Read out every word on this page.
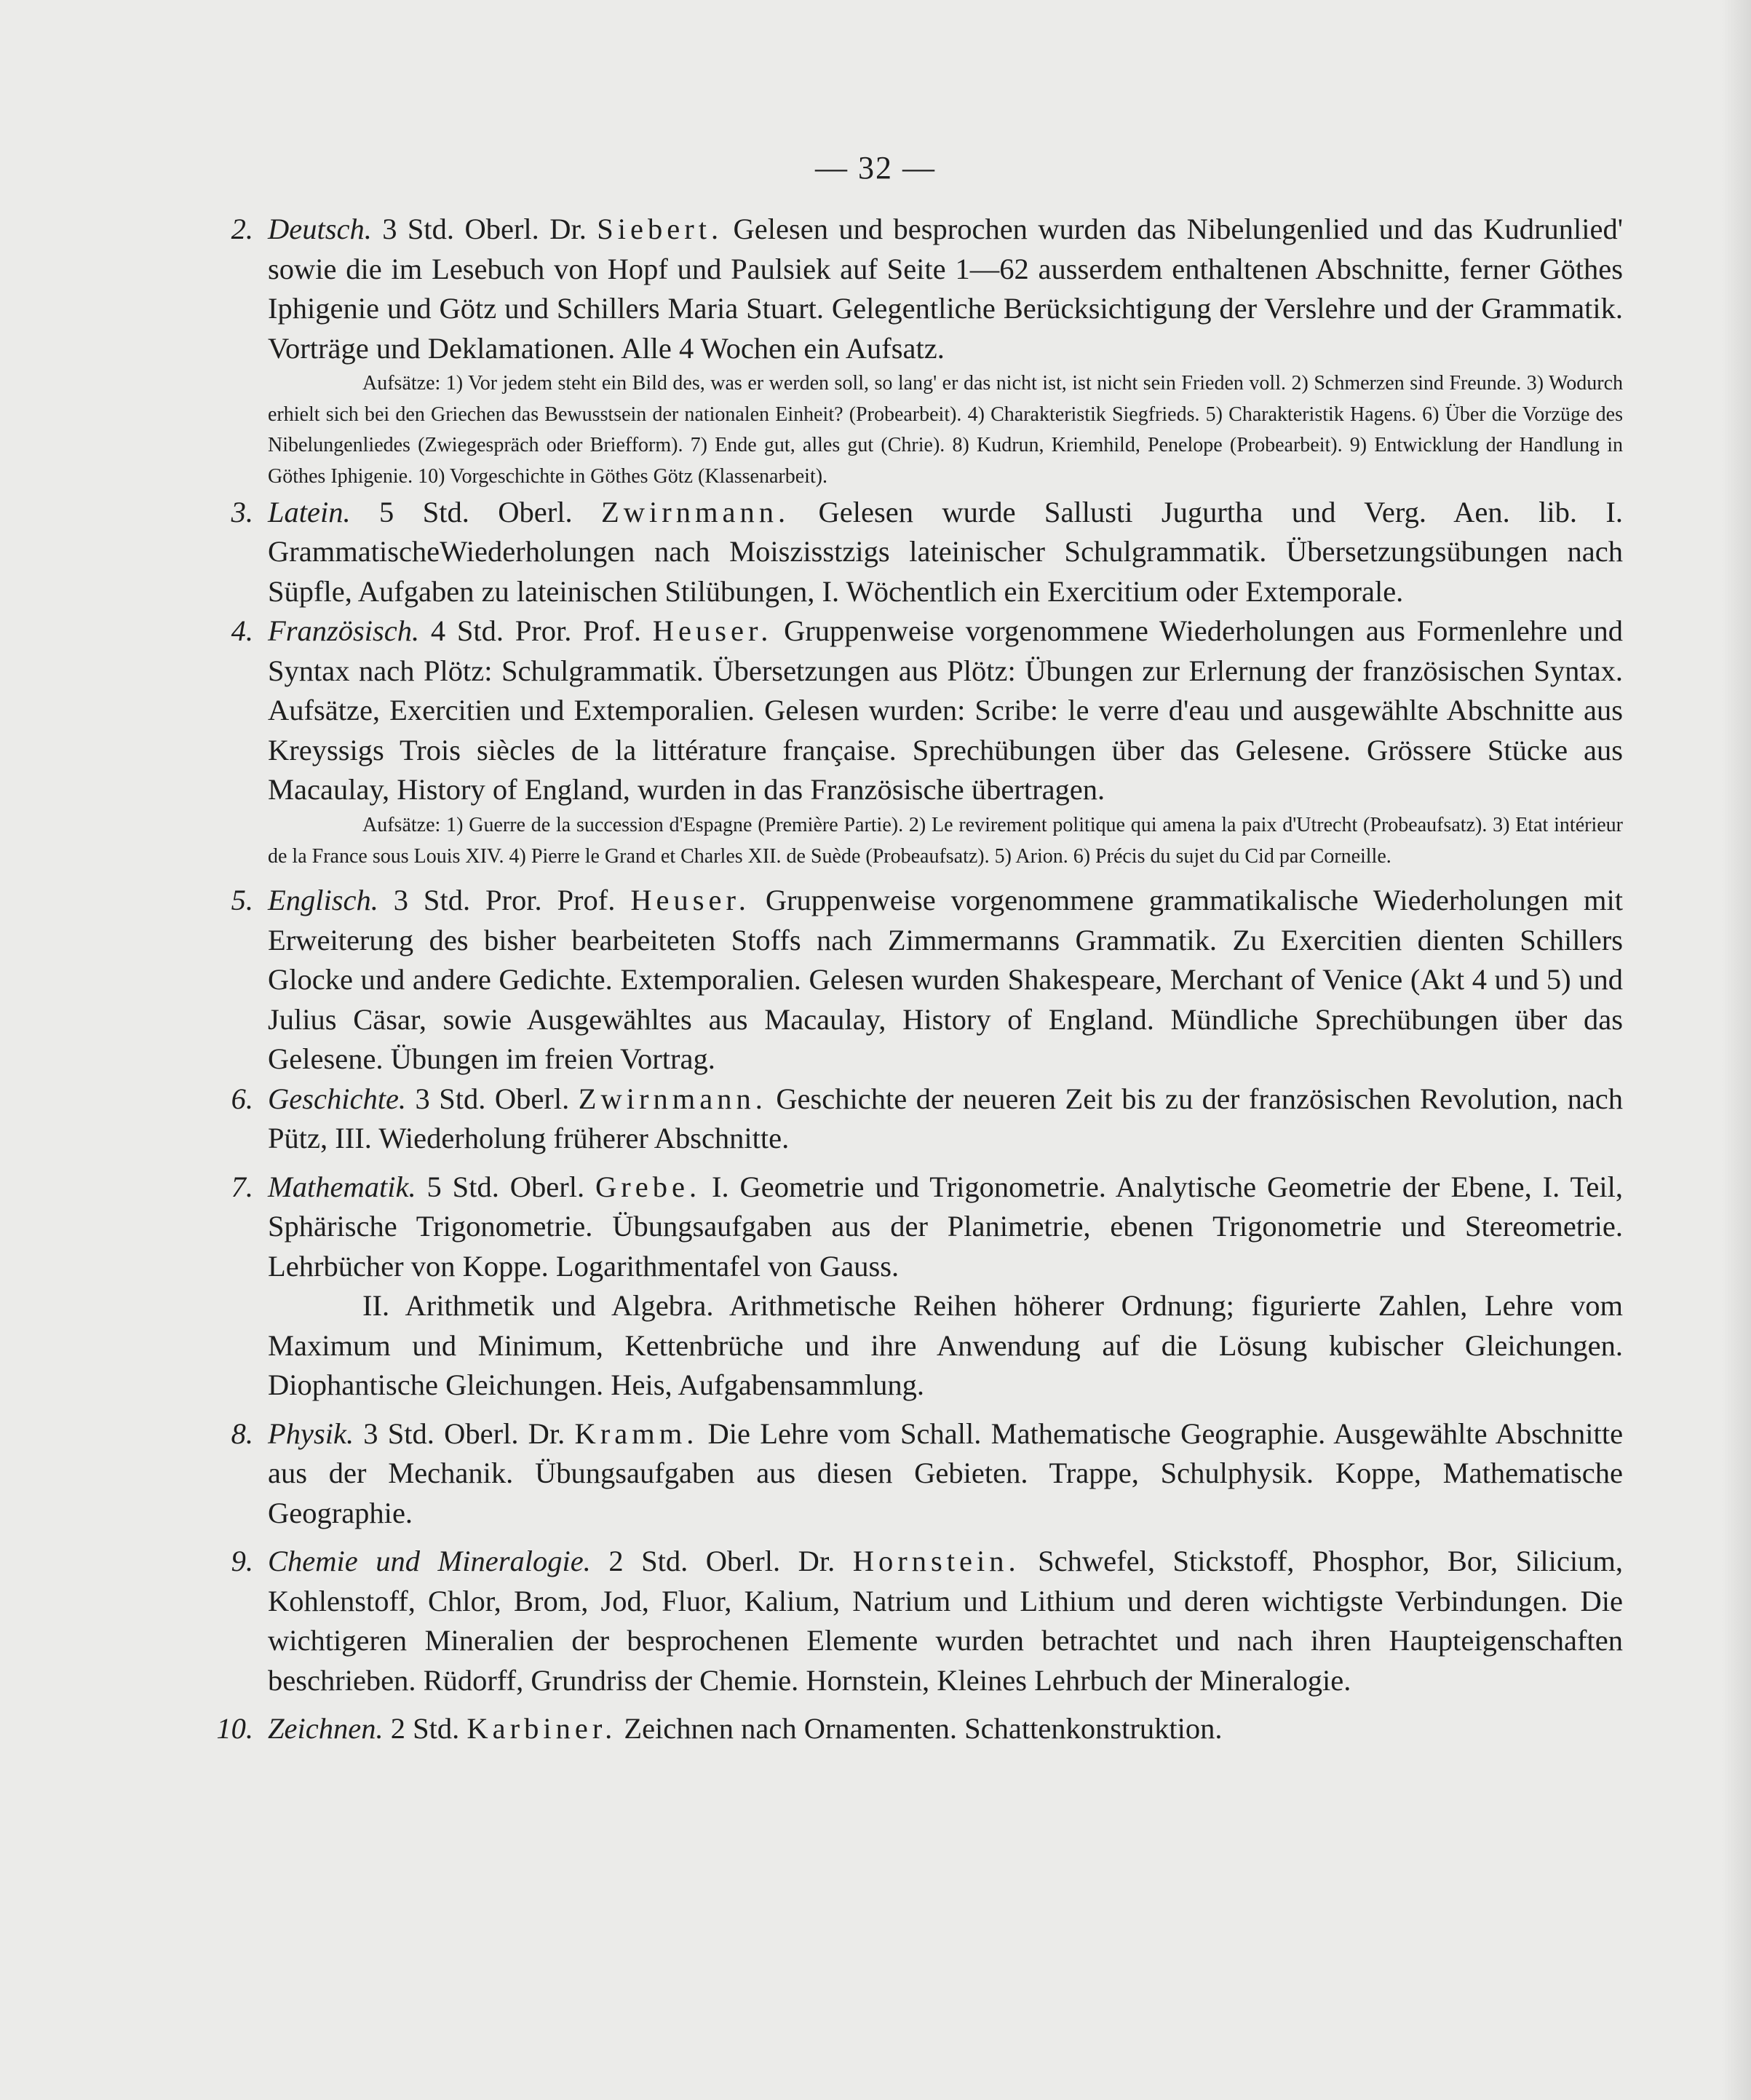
— 32 —

2. Deutsch. 3 Std. Oberl. Dr. Siebert. Gelesen und besprochen wurden das Nibelungenlied und das Kudrunlied' sowie die im Lesebuch von Hopf und Paulsiek auf Seite 1—62 ausserdem enthaltenen Abschnitte, ferner Göthes Iphigenie und Götz und Schillers Maria Stuart. Gelegentliche Berücksichtigung der Verslehre und der Grammatik. Vorträge und Deklamationen. Alle 4 Wochen ein Aufsatz.

Aufsätze: 1) Vor jedem steht ein Bild des, was er werden soll, so lang' er das nicht ist, ist nicht sein Frieden voll. 2) Schmerzen sind Freunde. 3) Wodurch erhielt sich bei den Griechen das Bewusstsein der nationalen Einheit? (Probearbeit). 4) Charakteristik Siegfrieds. 5) Charakteristik Hagens. 6) Über die Vorzüge des Nibelungenliedes (Zwiegespräch oder Briefform). 7) Ende gut, alles gut (Chrie). 8) Kudrun, Kriemhild, Penelope (Probearbeit). 9) Entwicklung der Handlung in Göthes Iphigenie. 10) Vorgeschichte in Göthes Götz (Klassenarbeit).

3. Latein. 5 Std. Oberl. Zwirnmann. Gelesen wurde Sallusti Jugurtha und Verg. Aen. lib. I. GrammatischeWiederholungen nach Moiszisstzigs lateinischer Schulgrammatik. Übersetzungsübungen nach Süpfle, Aufgaben zu lateinischen Stilübungen, I. Wöchentlich ein Exercitium oder Extemporale.

4. Französisch. 4 Std. Pror. Prof. Heuser. Gruppenweise vorgenommene Wiederholungen aus Formenlehre und Syntax nach Plötz: Schulgrammatik. Übersetzungen aus Plötz: Übungen zur Erlernung der französischen Syntax. Aufsätze, Exercitien und Extemporalien. Gelesen wurden: Scribe: le verre d'eau und ausgewählte Abschnitte aus Kreyssigs Trois siècles de la littérature française. Sprechübungen über das Gelesene. Grössere Stücke aus Macaulay, History of England, wurden in das Französische übertragen.

Aufsätze: 1) Guerre de la succession d'Espagne (Première Partie). 2) Le revirement politique qui amena la paix d'Utrecht (Probeaufsatz). 3) Etat intérieur de la France sous Louis XIV. 4) Pierre le Grand et Charles XII. de Suède (Probeaufsatz). 5) Arion. 6) Précis du sujet du Cid par Corneille.

5. Englisch. 3 Std. Pror. Prof. Heuser. Gruppenweise vorgenommene grammatikalische Wiederholungen mit Erweiterung des bisher bearbeiteten Stoffs nach Zimmermanns Grammatik. Zu Exercitien dienten Schillers Glocke und andere Gedichte. Extemporalien. Gelesen wurden Shakespeare, Merchant of Venice (Akt 4 und 5) und Julius Cäsar, sowie Ausgewähltes aus Macaulay, History of England. Mündliche Sprechübungen über das Gelesene. Übungen im freien Vortrag.

6. Geschichte. 3 Std. Oberl. Zwirnmann. Geschichte der neueren Zeit bis zu der französischen Revolution, nach Pütz, III. Wiederholung früherer Abschnitte.

7. Mathematik. 5 Std. Oberl. Grebe. I. Geometrie und Trigonometrie. Analytische Geometrie der Ebene, I. Teil, Sphärische Trigonometrie. Übungsaufgaben aus der Planimetrie, ebenen Trigonometrie und Stereometrie. Lehrbücher von Koppe. Logarithmentafel von Gauss.

II. Arithmetik und Algebra. Arithmetische Reihen höherer Ordnung; figurierte Zahlen, Lehre vom Maximum und Minimum, Kettenbrüche und ihre Anwendung auf die Lösung kubischer Gleichungen. Diophantische Gleichungen. Heis, Aufgabensammlung.

8. Physik. 3 Std. Oberl. Dr. Kramm. Die Lehre vom Schall. Mathematische Geographie. Ausgewählte Abschnitte aus der Mechanik. Übungsaufgaben aus diesen Gebieten. Trappe, Schulphysik. Koppe, Mathematische Geographie.

9. Chemie und Mineralogie. 2 Std. Oberl. Dr. Hornstein. Schwefel, Stickstoff, Phosphor, Bor, Silicium, Kohlenstoff, Chlor, Brom, Jod, Fluor, Kalium, Natrium und Lithium und deren wichtigste Verbindungen. Die wichtigeren Mineralien der besprochenen Elemente wurden betrachtet und nach ihren Haupteigenschaften beschrieben. Rüdorff, Grundriss der Chemie. Hornstein, Kleines Lehrbuch der Mineralogie.

10. Zeichnen. 2 Std. Karbiner. Zeichnen nach Ornamenten. Schattenkonstruktion.
